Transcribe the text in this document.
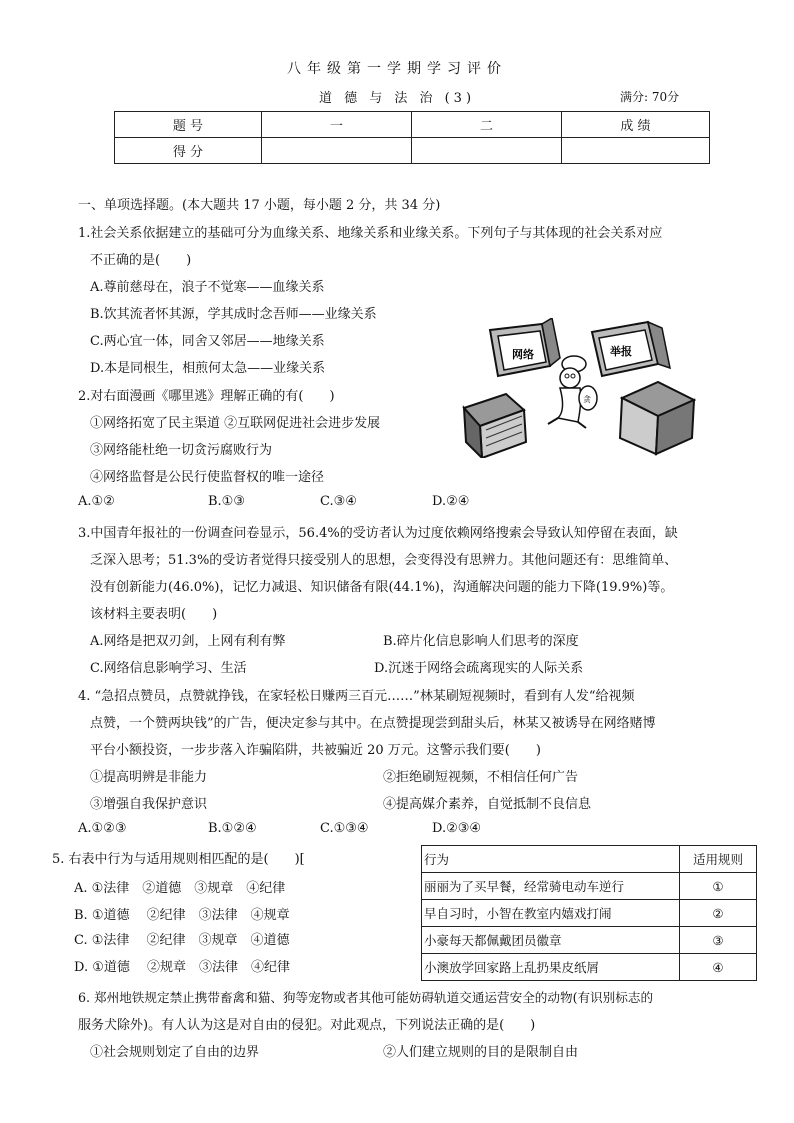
八年级第一学期学习评价
道 德 与 法 治 (3)	满分: 70分
题 号	一	二	成 绩
得 分			
一、单项选择题。(本大题共 17 小题，每小题 2 分，共 34 分)
1.社会关系依据建立的基础可分为血缘关系、地缘关系和业缘关系。下列句子与其体现的社会关系对应
不正确的是(　　)
A.尊前慈母在，浪子不觉寒——血缘关系
B.饮其流者怀其源，学其成时念吾师——业缘关系
C.两心宜一体，同舍又邻居——地缘关系
D.本是同根生，相煎何太急——业缘关系
网络	举报
贪
2.对右面漫画《哪里逃》理解正确的有(　　)
①网络拓宽了民主渠道 ②互联网促进社会进步发展
③网络能杜绝一切贪污腐败行为
④网络监督是公民行使监督权的唯一途径
A.①②	B.①③	C.③④	D.②④
3.中国青年报社的一份调查问卷显示，56.4%的受访者认为过度依赖网络搜索会导致认知停留在表面，缺
乏深入思考；51.3%的受访者觉得只接受别人的思想，会变得没有思辨力。其他问题还有：思维简单、
没有创新能力(46.0%)，记忆力减退、知识储备有限(44.1%)，沟通解决问题的能力下降(19.9%)等。
该材料主要表明(　　)
A.网络是把双刃剑，上网有利有弊	B.碎片化信息影响人们思考的深度
C.网络信息影响学习、生活	D.沉迷于网络会疏离现实的人际关系
4. “急招点赞员，点赞就挣钱，在家轻松日赚两三百元……”林某刷短视频时，看到有人发“给视频
点赞，一个赞两块钱”的广告，便决定参与其中。在点赞提现尝到甜头后，林某又被诱导在网络赌博
平台小额投资，一步步落入诈骗陷阱，共被骗近 20 万元。这警示我们要(　　)
①提高明辨是非能力	②拒绝刷短视频，不相信任何广告
③增强自我保护意识	④提高媒介素养，自觉抵制不良信息
A.①②③	B.①②④	C.①③④	D.②③④
5. 右表中行为与适用规则相匹配的是(　　)[
A. ①法律　②道德　③规章　④纪律
B. ①道德　 ②纪律　③法律　④规章
C. ①法律　 ②纪律　③规章　④道德
D. ①道德　 ②规章　③法律　④纪律
行为	适用规则
丽丽为了买早餐，经常骑电动车逆行	①
早自习时，小智在教室内嬉戏打闹	②
小豪每天都佩戴团员徽章	③
小澳放学回家路上乱扔果皮纸屑	④
6. 郑州地铁规定禁止携带畜禽和猫、狗等宠物或者其他可能妨碍轨道交通运营安全的动物(有识别标志的
服务犬除外)。有人认为这是对自由的侵犯。对此观点，下列说法正确的是(　　)
①社会规则划定了自由的边界	②人们建立规则的目的是限制自由
